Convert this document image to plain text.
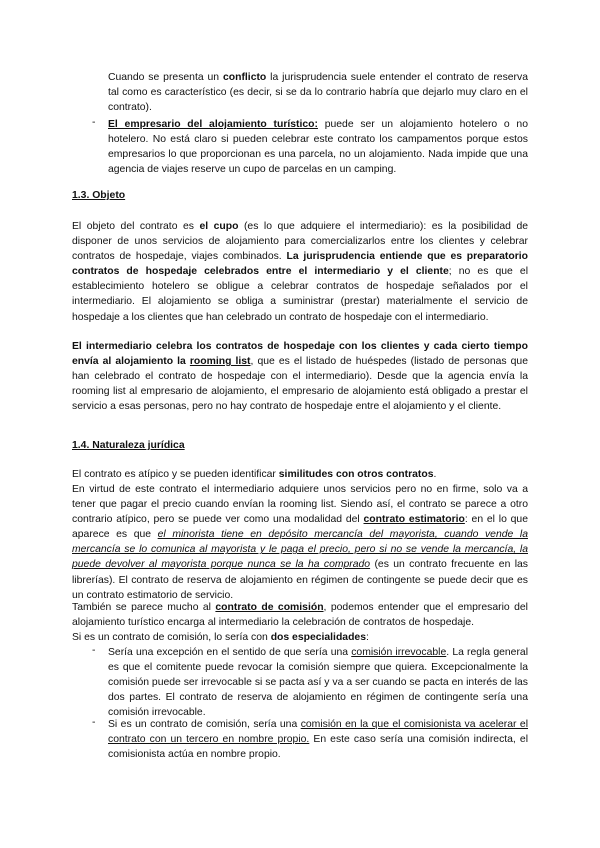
Cuando se presenta un conflicto la jurisprudencia suele entender el contrato de reserva tal como es característico (es decir, si se da lo contrario habría que dejarlo muy claro en el contrato).
- El empresario del alojamiento turístico: puede ser un alojamiento hotelero o no hotelero. No está claro si pueden celebrar este contrato los campamentos porque estos empresarios lo que proporcionan es una parcela, no un alojamiento. Nada impide que una agencia de viajes reserve un cupo de parcelas en un camping.
1.3. Objeto
El objeto del contrato es el cupo (es lo que adquiere el intermediario): es la posibilidad de disponer de unos servicios de alojamiento para comercializarlos entre los clientes y celebrar contratos de hospedaje, viajes combinados. La jurisprudencia entiende que es preparatorio contratos de hospedaje celebrados entre el intermediario y el cliente; no es que el establecimiento hotelero se obligue a celebrar contratos de hospedaje señalados por el intermediario. El alojamiento se obliga a suministrar (prestar) materialmente el servicio de hospedaje a los clientes que han celebrado un contrato de hospedaje con el intermediario.
El intermediario celebra los contratos de hospedaje con los clientes y cada cierto tiempo envía al alojamiento la rooming list, que es el listado de huéspedes (listado de personas que han celebrado el contrato de hospedaje con el intermediario). Desde que la agencia envía la rooming list al empresario de alojamiento, el empresario de alojamiento está obligado a prestar el servicio a esas personas, pero no hay contrato de hospedaje entre el alojamiento y el cliente.
1.4. Naturaleza jurídica
El contrato es atípico y se pueden identificar similitudes con otros contratos.
En virtud de este contrato el intermediario adquiere unos servicios pero no en firme, solo va a tener que pagar el precio cuando envían la rooming list. Siendo así, el contrato se parece a otro contrario atípico, pero se puede ver como una modalidad del contrato estimatorio: en el lo que aparece es que el minorista tiene en depósito mercancía del mayorista, cuando vende la mercancía se lo comunica al mayorista y le paga el precio, pero si no se vende la mercancía, la puede devolver al mayorista porque nunca se la ha comprado (es un contrato frecuente en las librerías). El contrato de reserva de alojamiento en régimen de contingente se puede decir que es un contrato estimatorio de servicio.
También se parece mucho al contrato de comisión, podemos entender que el empresario del alojamiento turístico encarga al intermediario la celebración de contratos de hospedaje.
Si es un contrato de comisión, lo sería con dos especialidades:
- Sería una excepción en el sentido de que sería una comisión irrevocable. La regla general es que el comitente puede revocar la comisión siempre que quiera. Excepcionalmente la comisión puede ser irrevocable si se pacta así y va a ser cuando se pacta en interés de las dos partes. El contrato de reserva de alojamiento en régimen de contingente sería una comisión irrevocable.
- Si es un contrato de comisión, sería una comisión en la que el comisionista va acelerar el contrato con un tercero en nombre propio. En este caso sería una comisión indirecta, el comisionista actúa en nombre propio.
